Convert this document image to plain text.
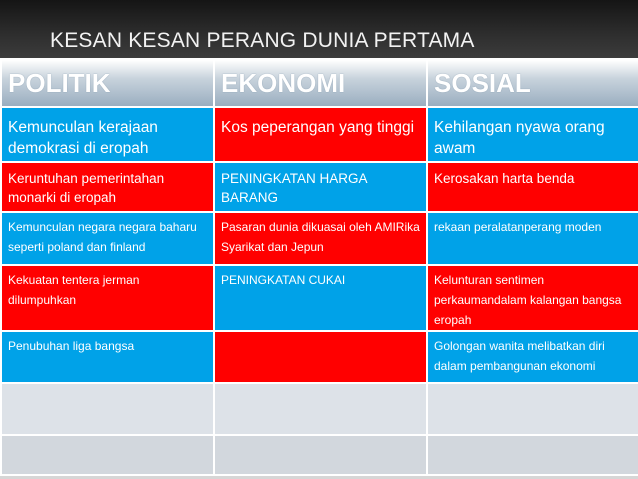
KESAN KESAN PERANG DUNIA PERTAMA
POLITIK	EKONOMI	SOSIAL
Kemunculan kerajaan demokrasi di eropah	Kos peperangan yang tinggi	Kehilangan nyawa orang awam
Keruntuhan pemerintahan monarki di eropah	PENINGKATAN HARGA BARANG	Kerosakan harta benda
Kemunculan negara negara baharu seperti poland dan finland	Pasaran dunia dikuasai oleh AMIRika Syarikat dan Jepun	rekaan peralatanperang moden
Kekuatan tentera jerman dilumpuhkan	PENINGKATAN CUKAI	Kelunturan sentimen perkaumandalam kalangan bangsa eropah
Penubuhan liga bangsa		Golongan wanita melibatkan diri dalam pembangunan ekonomi
